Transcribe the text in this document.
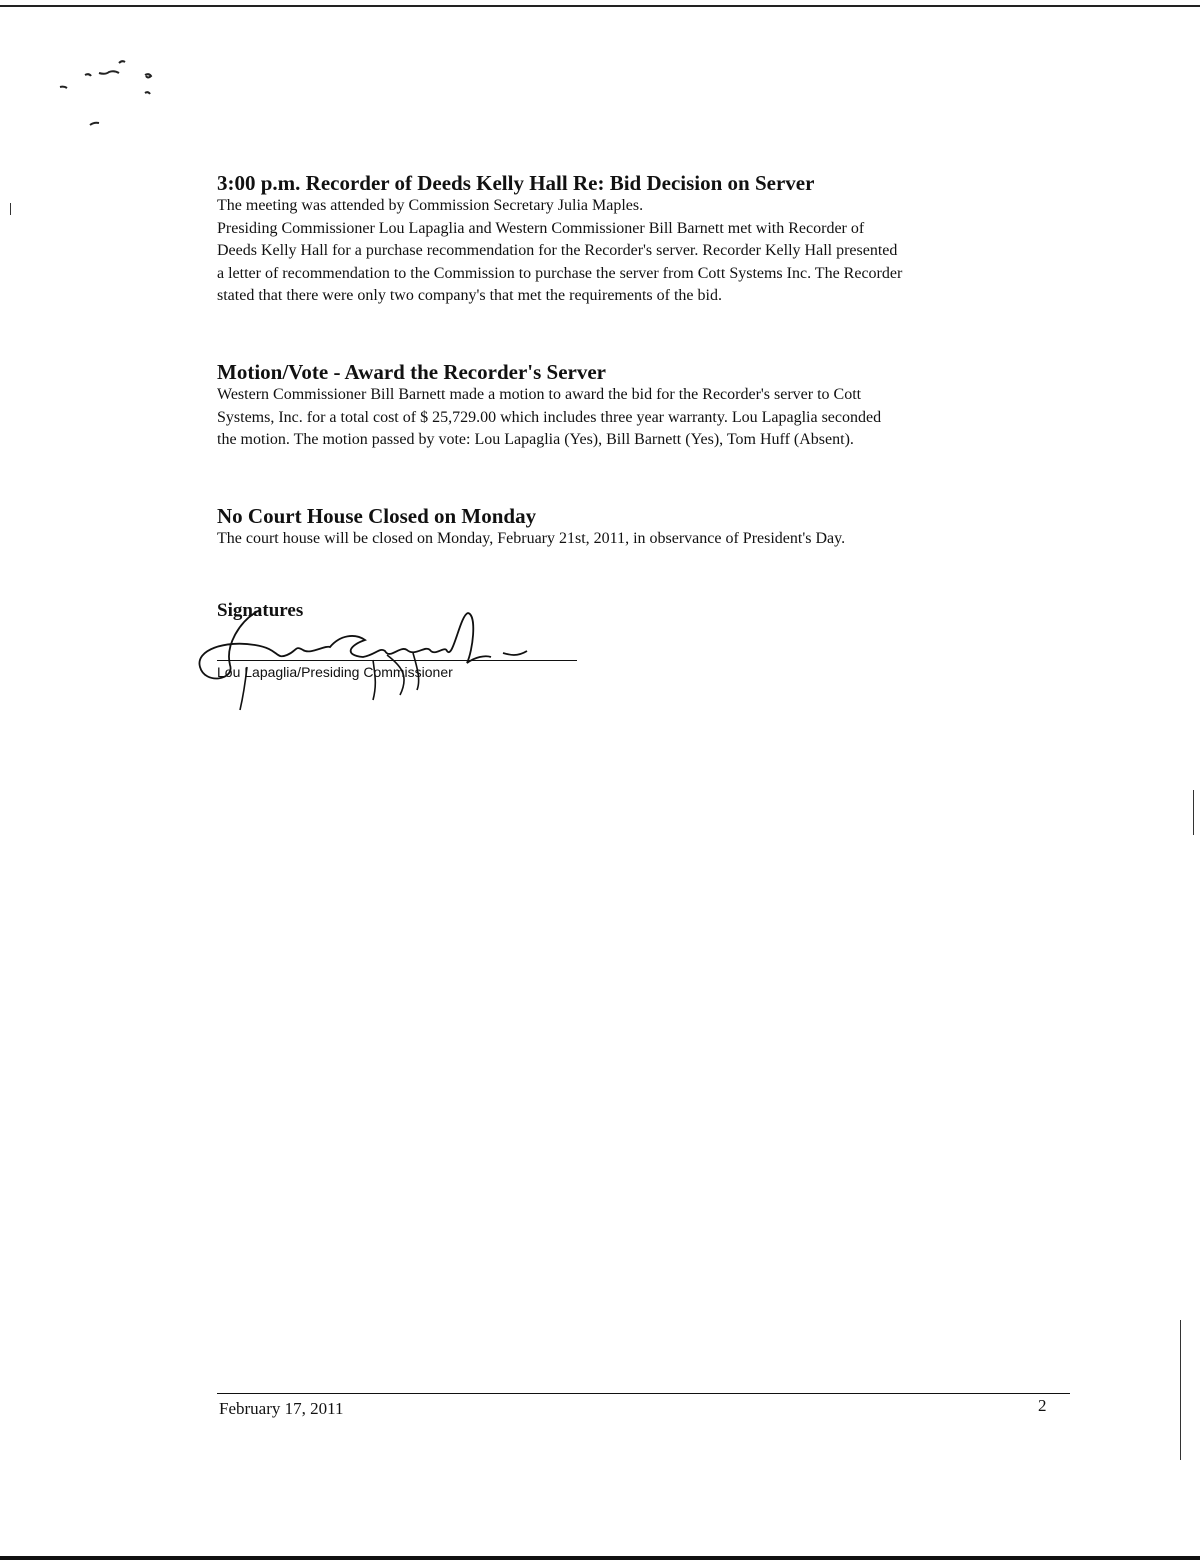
3:00 p.m. Recorder of Deeds Kelly Hall Re: Bid Decision on Server

The meeting was attended by Commission Secretary Julia Maples.

Presiding Commissioner Lou Lapaglia and Western Commissioner Bill Barnett met with Recorder of

Deeds Kelly Hall for a purchase recommendation for the Recorder's server. Recorder Kelly Hall presented

a letter of recommendation to the Commission to purchase the server from Cott Systems Inc. The Recorder

stated that there were only two company's that met the requirements of the bid.

Motion/Vote - Award the Recorder's Server

Western Commissioner Bill Barnett made a motion to award the bid for the Recorder's server to Cott

Systems, Inc. for a total cost of $ 25,729.00 which includes three year warranty. Lou Lapaglia seconded

the motion. The motion passed by vote: Lou Lapaglia (Yes), Bill Barnett (Yes), Tom Huff (Absent).

No Court House Closed on Monday

The court house will be closed on Monday, February 21st, 2011, in observance of President's Day.

Signatures
Lou Lapaglia/Presiding Commissioner
February 17, 2011	2
